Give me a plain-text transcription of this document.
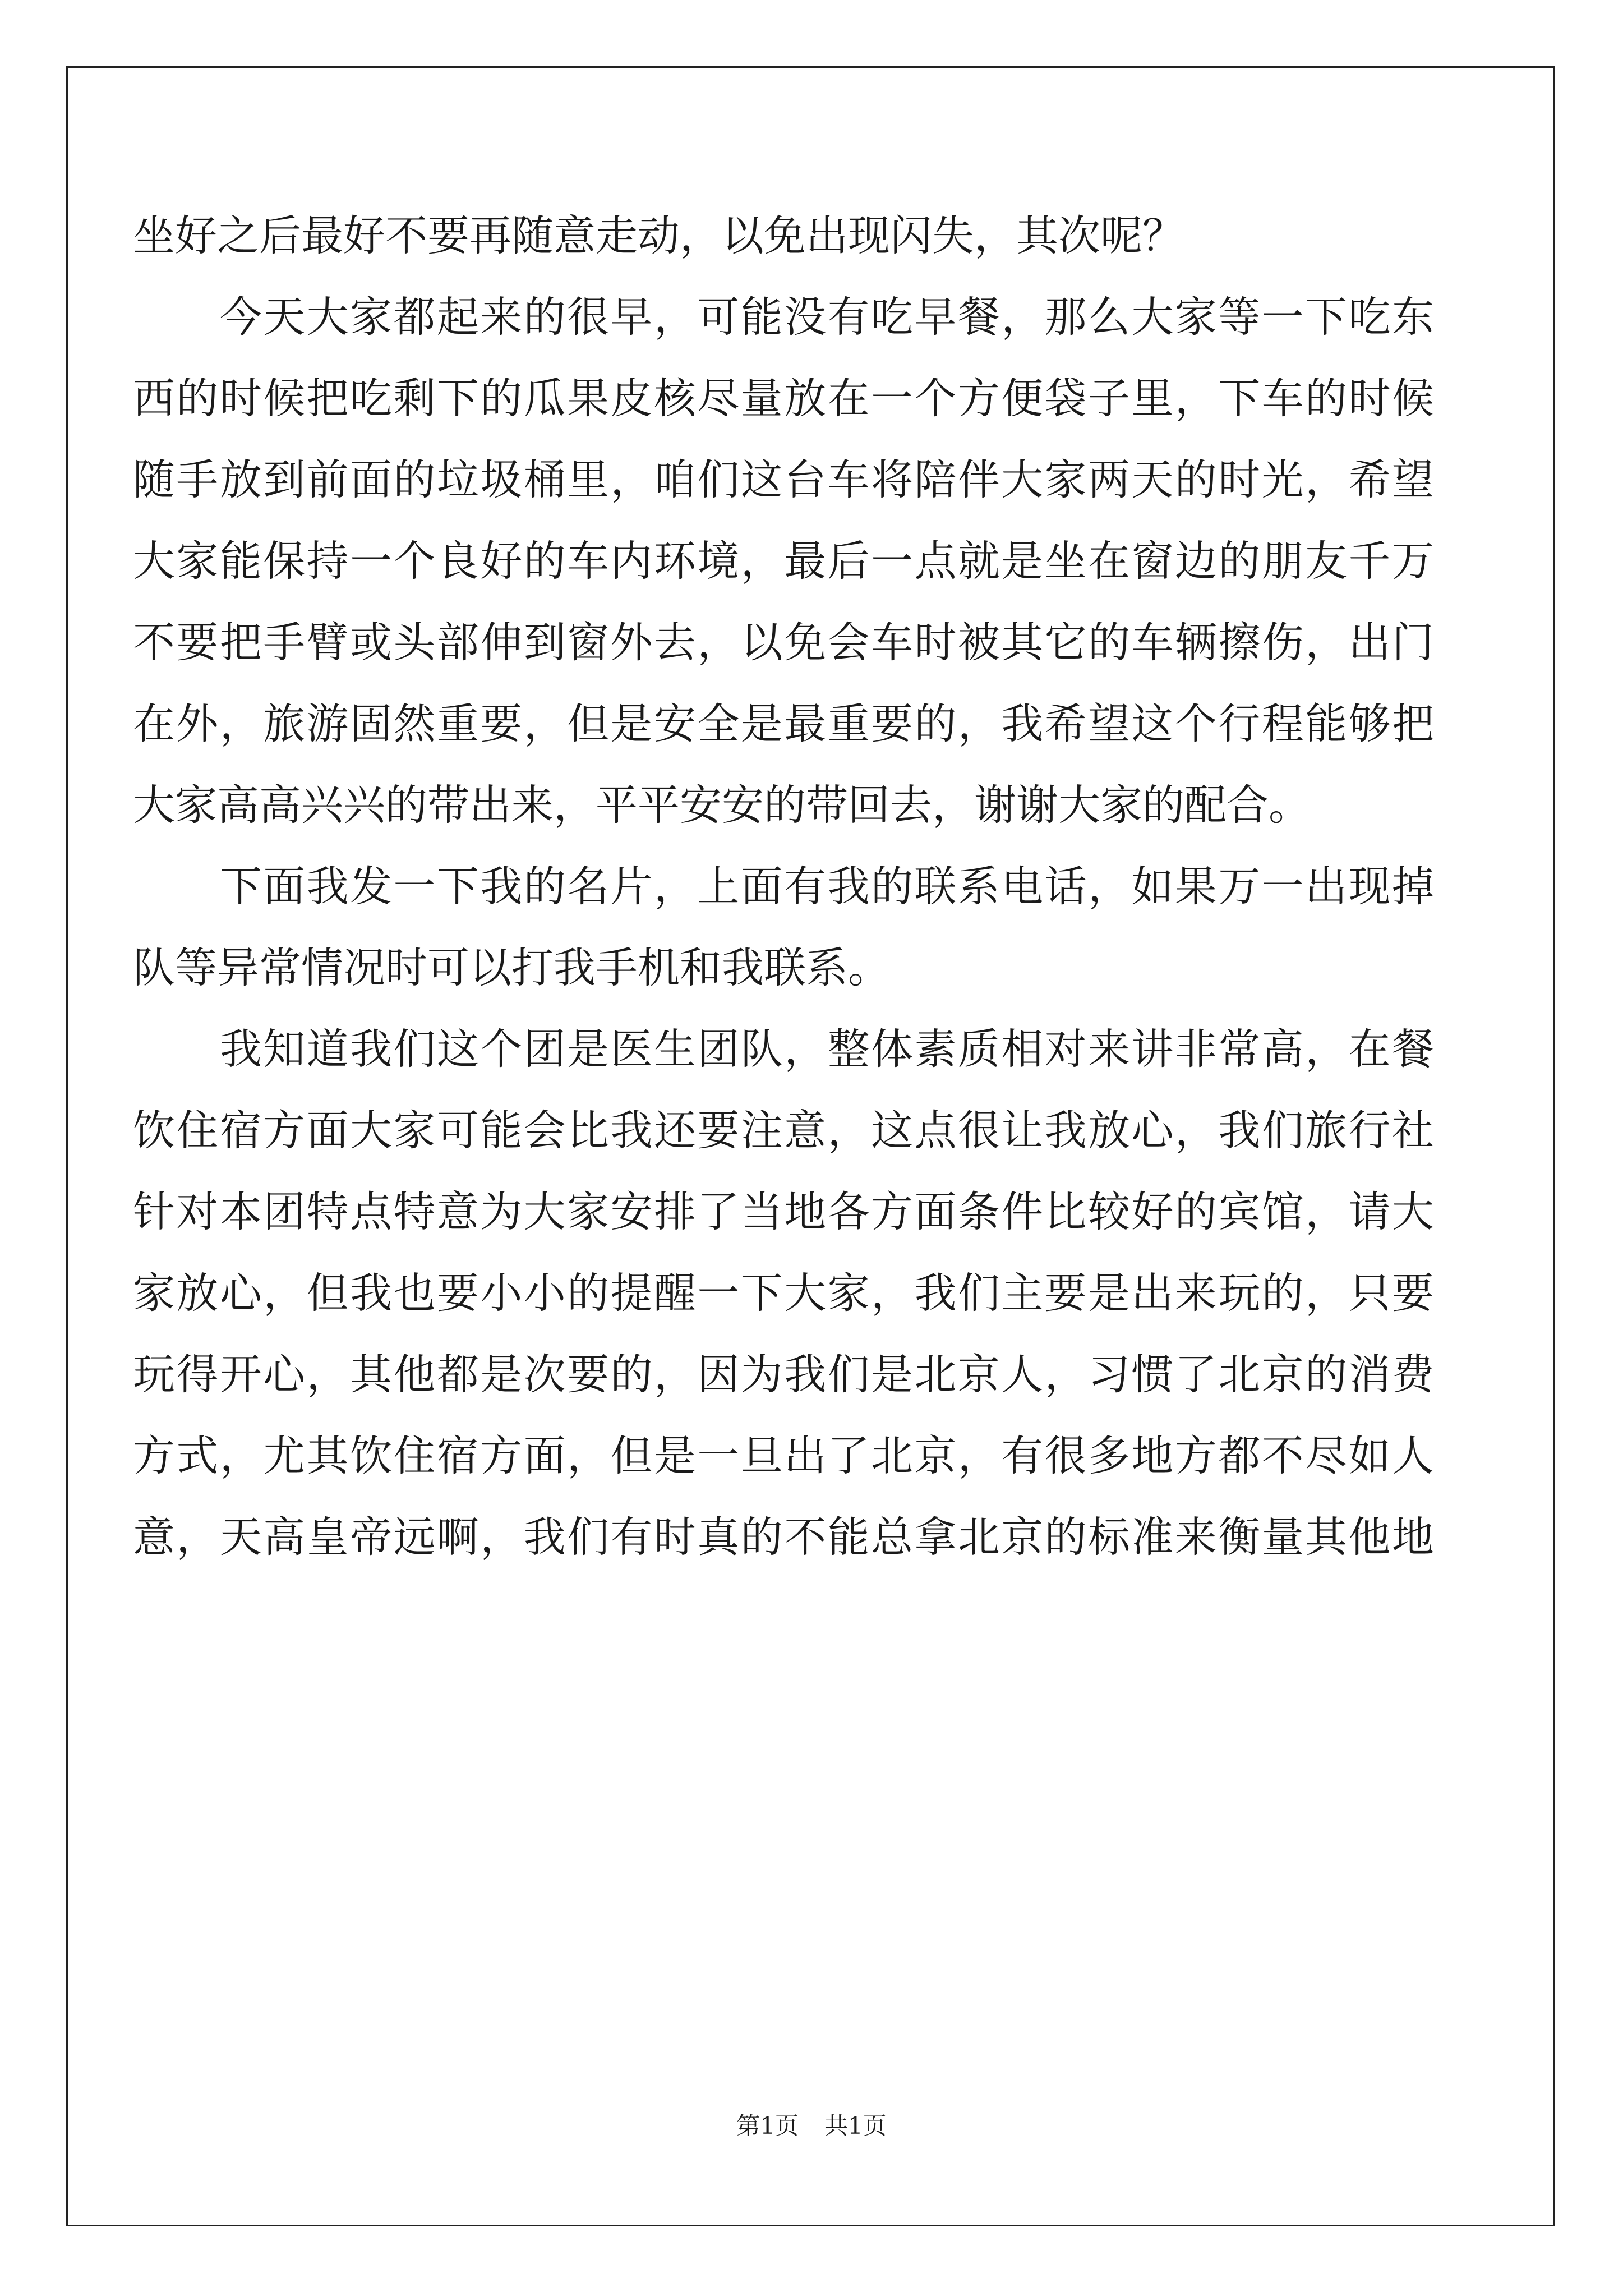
坐好之后最好不要再随意走动，以免出现闪失，其次呢？
　　今天大家都起来的很早，可能没有吃早餐，那么大家等一下吃东
西的时候把吃剩下的瓜果皮核尽量放在一个方便袋子里，下车的时候
随手放到前面的垃圾桶里，咱们这台车将陪伴大家两天的时光，希望
大家能保持一个良好的车内环境，最后一点就是坐在窗边的朋友千万
不要把手臂或头部伸到窗外去，以免会车时被其它的车辆擦伤，出门
在外，旅游固然重要，但是安全是最重要的，我希望这个行程能够把
大家高高兴兴的带出来，平平安安的带回去，谢谢大家的配合。
　　下面我发一下我的名片，上面有我的联系电话，如果万一出现掉
队等异常情况时可以打我手机和我联系。
　　我知道我们这个团是医生团队，整体素质相对来讲非常高，在餐
饮住宿方面大家可能会比我还要注意，这点很让我放心，我们旅行社
针对本团特点特意为大家安排了当地各方面条件比较好的宾馆，请大
家放心，但我也要小小的提醒一下大家，我们主要是出来玩的，只要
玩得开心，其他都是次要的，因为我们是北京人，习惯了北京的消费
方式，尤其饮住宿方面，但是一旦出了北京，有很多地方都不尽如人
意，天高皇帝远啊，我们有时真的不能总拿北京的标准来衡量其他地
第1页 共1页
